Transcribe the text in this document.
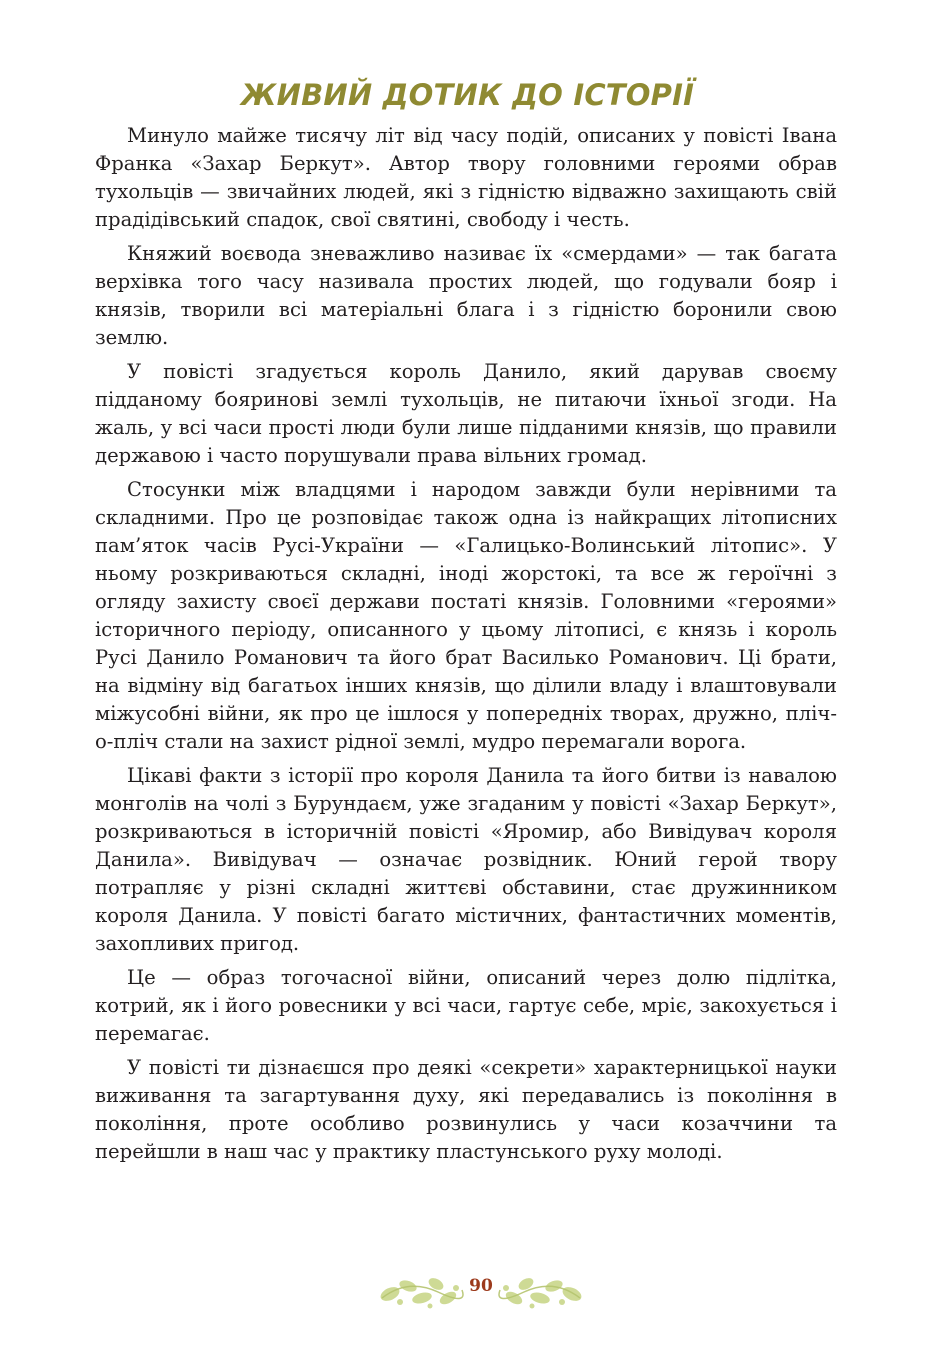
ЖИВИЙ ДОТИК ДО ІСТОРІЇ

Минуло майже тисячу літ від часу подій, описаних у повісті Івана Франка «Захар Беркут». Автор твору головними героями обрав тухольців — звичайних людей, які з гідністю відважно захищають свій прадідівський спадок, свої святині, свободу і честь.

Княжий воєвода зневажливо називає їх «смердами» — так багата верхівка того часу називала простих людей, що годували бояр і князів, творили всі матеріальні блага і з гідністю боронили свою землю.

У повісті згадується король Данило, який дарував своєму підданому бояринові землі тухольців, не питаючи їхньої згоди. На жаль, у всі часи прості люди були лише підданими князів, що правили державою і часто порушували права вільних громад.

Стосунки між владцями і народом завжди були нерівними та складними. Про це розповідає також одна із найкращих літописних пам’яток часів Русі-України — «Галицько-Волинський літопис». У ньому розкриваються складні, іноді жорстокі, та все ж героїчні з огляду захисту своєї держави постаті князів. Головними «героями» історичного періоду, описанного у цьому літописі, є князь і король Русі Данило Романович та його брат Василько Романович. Ці брати, на відміну від багатьох інших князів, що ділили владу і влаштовували міжусобні війни, як про це ішлося у попередніх творах, дружно, пліч-о-пліч стали на захист рідної землі, мудро перемагали ворога.

Цікаві факти з історії про короля Данила та його битви із навалою монголів на чолі з Бурундаєм, уже згаданим у повісті «Захар Беркут», розкриваються в історичній повісті «Яромир, або Вивідувач короля Данила». Вивідувач — означає розвідник. Юний герой твору потрапляє у різні складні життєві обставини, стає дружинником короля Данила. У повісті багато містичних, фантастичних моментів, захопливих пригод.

Це — образ тогочасної війни, описаний через долю підлітка, котрий, як і його ровесники у всі часи, гартує себе, мріє, закохується і перемагає.

У повісті ти дізнаєшся про деякі «секрети» характерницької науки виживання та загартування духу, які передавались із покоління в покоління, проте особливо розвинулись у часи козаччини та перейшли в наш час у практику пластунського руху молоді.

90
